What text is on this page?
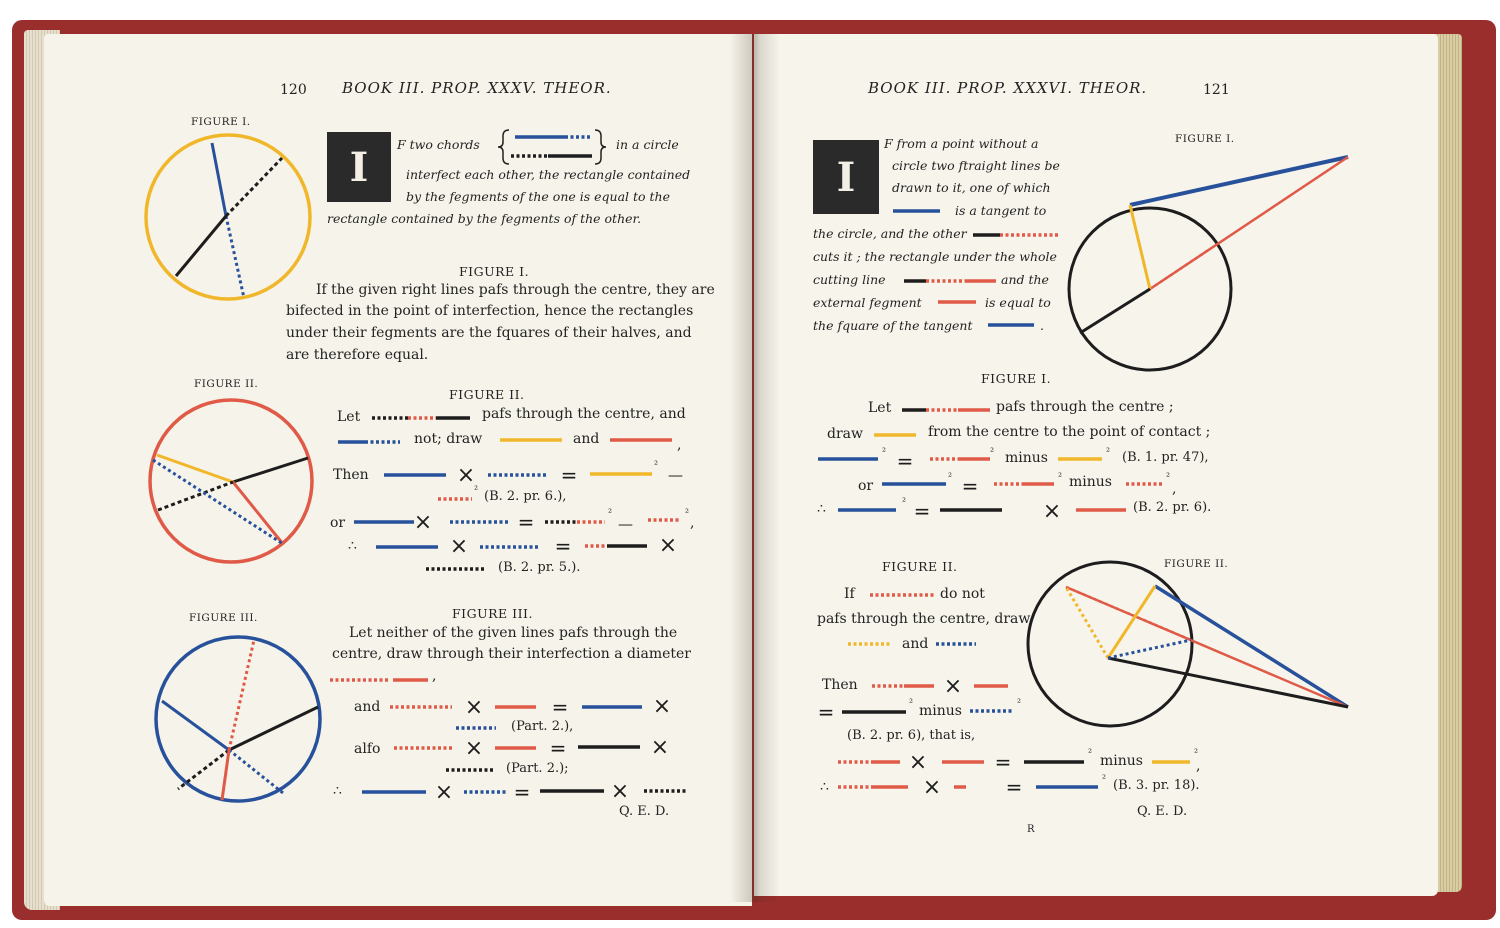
120 BOOK III. PROP. XXXV. THEOR.
FIGURE I.
FIGURE II.
FIGURE III.
I	F two chords	in a circle
interfect each other, the rectangle contained
by the fegments of the one is equal to the
rectangle contained by the fegments of the other.
FIGURE I.
If the given right lines pafs through the centre, they are
bifected in the point of interfection, hence the rectangles
under their fegments are the fquares of their halves, and
are therefore equal.
FIGURE II.
Let	pafs through the centre, and
not; draw	and
Then
(B. 2. pr. 6.),
or
(B. 2. pr. 5.).
FIGURE III.
Let neither of the given lines pafs through the
centre, draw through their interfection a diameter
and
(Part. 2.),
alfo
(Part. 2.);
Q. E. D.
,
∴
∴
BOOK III. PROP. XXXVI. THEOR.	121
FIGURE I.
FIGURE II.
I
F from a point without a
circle two ftraight lines be
drawn to it, one of which
is a tangent to
the circle, and the other
cuts it ; the rectangle under the whole
cutting line	and the
external fegment	is equal to
the fquare of the tangent	.
FIGURE I.
Let	pafs through the centre ;
draw	from the centre to the point of contact ;
minus	(B. 1. pr. 47),
or	minus
(B. 2. pr. 6).
∴
FIGURE II.
If	do not
pafs through the centre, draw
and
Then
minus
(B. 2. pr. 6), that is,
minus
(B. 3. pr. 18).
Q. E. D.
∴
R
×	=
×	=
×	=	×
×	=	×
×	=	×
×	=	×
=
=
=	×
×
=
×	=
×	=
²
²
²	²
²	²	²
²	²	²
²
²	²
²	²
²
—
—
,
,
,
,
